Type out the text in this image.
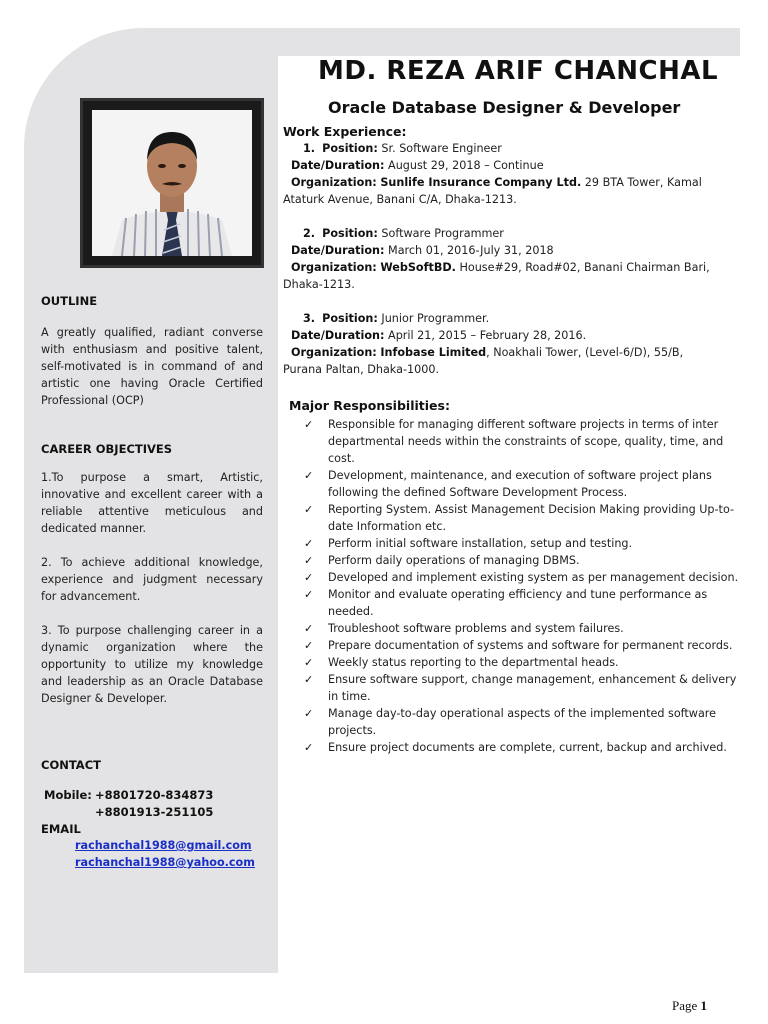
OUTLINE
A greatly qualified, radiant converse with enthusiasm and positive talent, self-motivated is in command of and artistic one having Oracle Certified Professional (OCP)
CAREER OBJECTIVES
1.To purpose a smart, Artistic, innovative and excellent career with a reliable attentive meticulous and dedicated manner.
2. To achieve additional knowledge, experience and judgment necessary for advancement.
3. To purpose challenging career in a dynamic organization where the opportunity to utilize my knowledge and leadership as an Oracle Database Designer & Developer.
CONTACT
Mobile: +8801720-834873
+8801913-251105
EMAIL
rachanchal1988@gmail.com
rachanchal1988@yahoo.com
MD. REZA ARIF CHANCHAL
Oracle Database Designer & Developer
Work Experience:
1. Position: Sr. Software Engineer
Date/Duration: August 29, 2018 – Continue
Organization: Sunlife Insurance Company Ltd. 29 BTA Tower, Kamal
Ataturk Avenue, Banani C/A, Dhaka-1213.
2. Position: Software Programmer
Date/Duration: March 01, 2016-July 31, 2018
Organization: WebSoftBD. House#29, Road#02, Banani Chairman Bari,
Dhaka-1213.
3. Position: Junior Programmer.
Date/Duration: April 21, 2015 – February 28, 2016.
Organization: Infobase Limited, Noakhali Tower, (Level-6/D), 55/B,
Purana Paltan, Dhaka-1000.
Major Responsibilities:
✓ Responsible for managing different software projects in terms of inter departmental needs within the constraints of scope, quality, time, and cost.
✓ Development, maintenance, and execution of software project plans following the defined Software Development Process.
✓ Reporting System. Assist Management Decision Making providing Up-to-date Information etc.
✓ Perform initial software installation, setup and testing.
✓ Perform daily operations of managing DBMS.
✓ Developed and implement existing system as per management decision.
✓ Monitor and evaluate operating efficiency and tune performance as needed.
✓ Troubleshoot software problems and system failures.
✓ Prepare documentation of systems and software for permanent records.
✓ Weekly status reporting to the departmental heads.
✓ Ensure software support, change management, enhancement & delivery in time.
✓ Manage day-to-day operational aspects of the implemented software projects.
✓ Ensure project documents are complete, current, backup and archived.
Page 1
